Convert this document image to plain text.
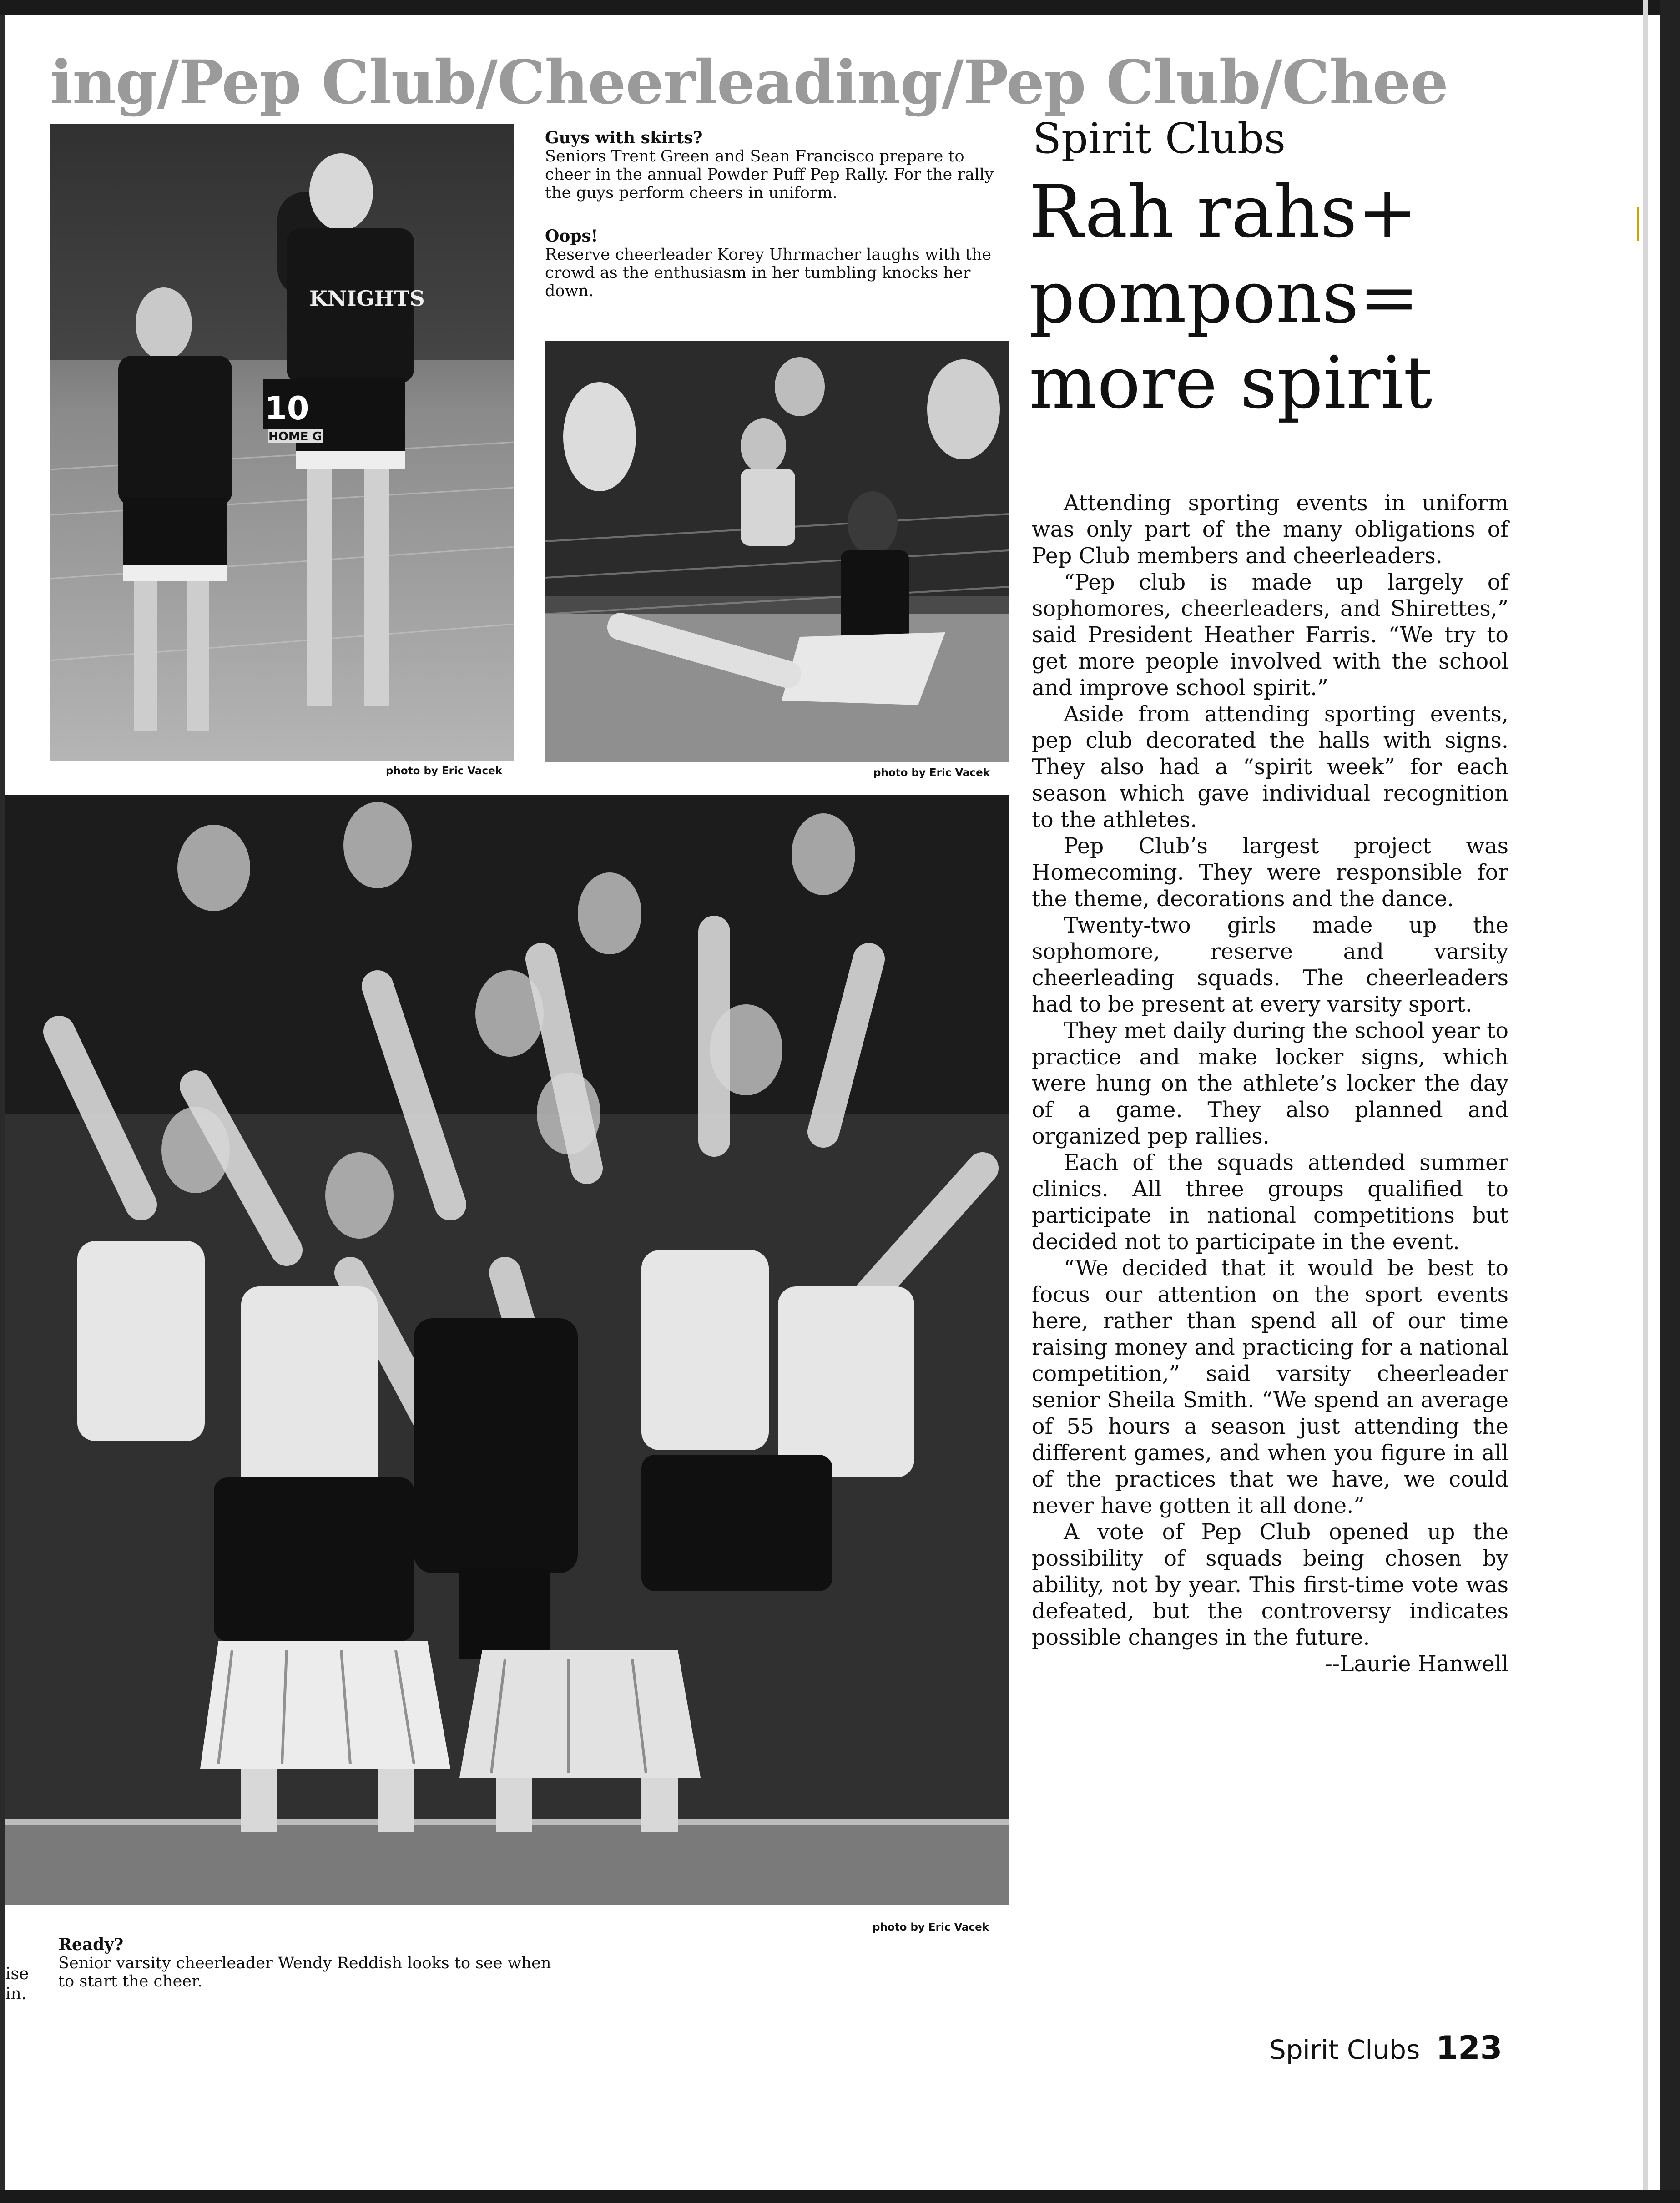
ing/Pep Club/Cheerleading/Pep Club/Chee
10
HOME GU
KNIGHTS
photo by Eric Vacek
Guys with skirts?
Seniors Trent Green and Sean Francisco prepare to cheer in the annual Powder Puff Pep Rally. For the rally the guys perform cheers in uniform.
Oops!
Reserve cheerleader Korey Uhrmacher laughs with the crowd as the enthusiasm in her tumbling knocks her down.
photo by Eric Vacek
photo by Eric Vacek
Ready?
Senior varsity cheerleader Wendy Reddish looks to see when to start the cheer.
ise
in.
Spirit Clubs
Rah rahs+
pompons=
more spirit

Attending sporting events in uniform was only part of the many obligations of Pep Club members and cheerleaders.

“Pep club is made up largely of sophomores, cheerleaders, and Shirettes,” said President Heather Farris. “We try to get more people involved with the school and improve school spirit.”

Aside from attending sporting events, pep club decorated the halls with signs. They also had a “spirit week” for each season which gave individual recognition to the athletes.

Pep Club’s largest project was Homecoming. They were responsible for the theme, decorations and the dance.

Twenty-two girls made up the sophomore, reserve and varsity cheerleading squads. The cheerleaders had to be present at every varsity sport.

They met daily during the school year to practice and make locker signs, which were hung on the athlete’s locker the day of a game. They also planned and organized pep rallies.

Each of the squads attended summer clinics. All three groups qualified to participate in national competitions but decided not to participate in the event.

“We decided that it would be best to focus our attention on the sport events here, rather than spend all of our time raising money and practicing for a national competition,” said varsity cheerleader senior Sheila Smith. “We spend an average of 55 hours a season just attending the different games, and when you figure in all of the practices that we have, we could never have gotten it all done.”

A vote of Pep Club opened up the possibility of squads being chosen by ability, not by year. This first-time vote was defeated, but the controversy indicates possible changes in the future.

--Laurie Hanwell

Spirit Clubs 123
